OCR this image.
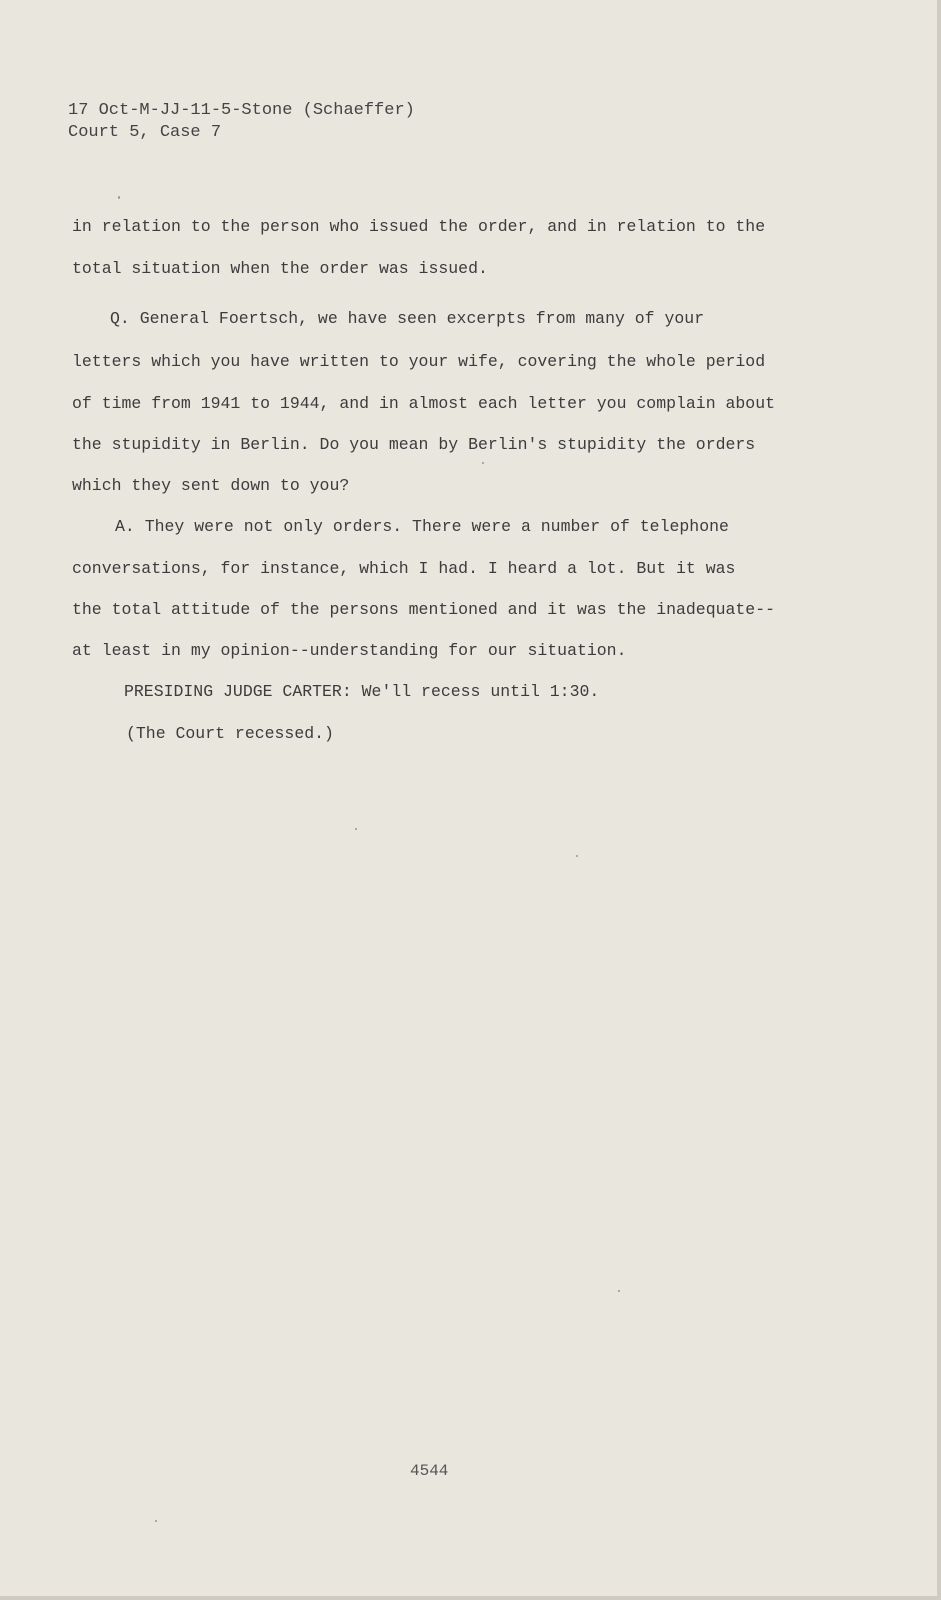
17 Oct-M-JJ-11-5-Stone (Schaeffer)
Court 5, Case 7
in relation to the person who issued the order, and in relation to the
total situation when the order was issued.
Q. General Foertsch, we have seen excerpts from many of your
letters which you have written to your wife, covering the whole period
of time from 1941 to 1944, and in almost each letter you complain about
the stupidity in Berlin. Do you mean by Berlin's stupidity the orders
which they sent down to you?
A. They were not only orders. There were a number of telephone
conversations, for instance, which I had. I heard a lot. But it was
the total attitude of the persons mentioned and it was the inadequate--
at least in my opinion--understanding for our situation.
PRESIDING JUDGE CARTER: We'll recess until 1:30.
(The Court recessed.)
4544
